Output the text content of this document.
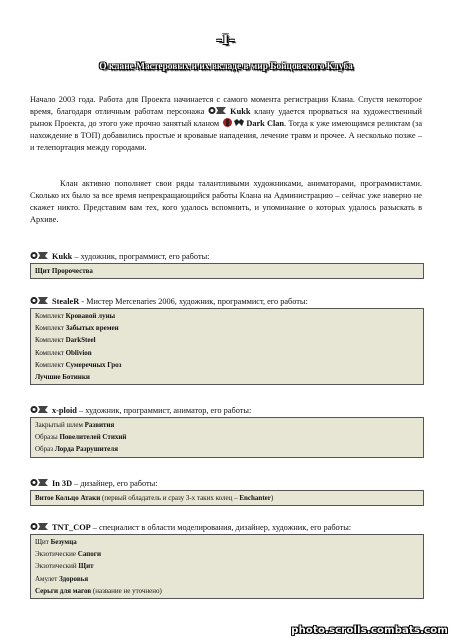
-I-
О клане Мастеровых и их вкладе в мир Бойцовского Клуба

Начало 2003 года. Работа для Проекта начинается с самого момента регистрации Клана. Спустя некоторое время, благодаря отличным работам персонажа	Kukk клану удается прорваться на художественный рынок Проекта, до этого уже прочно занятый кланом	Dark Clan. Тогда к уже имеющимся реликтам (за нахождение в ТОП) добавились простые и кровавые нападения, лечение травм и прочее. А несколько позже – и телепортация между городами.

Клан активно пополняет свои ряды талантливыми художниками, аниматорами, программистами. Сколько их было за все время непрекращающийся работы Клана на Администрацию – сейчас уже наверно не скажет никто. Представим вам тех, кого удалось вспомнить, и упоминание о которых удалось разыскать в Архиве.

Kukk – художник, программист, его работы:
Щит Пророчества
StealeR - Мистер Mercenaries 2006, художник, программист, его работы:
Комплект Кровавой луны
Комплект Забытых времен
Комплект DarkSteel
Комплект Oblivion
Комплект Сумеречных Гроз
Лучшие Ботинки
x-ploid – художник, программист, аниматор, его работы:
Закрытый шлем Развития
Образы Повелителей Стихий
Образ Лорда Разрушителя
In 3D – дизайнер, его работы:
Витое Кольцо Атаки (первый обладатель и сразу 3-х таких колец – Enchanter)
TNT_COP – специалист в области моделирования, дизайнер, художник, его работы:
Щит Безумца
Экзотические Сапоги
Экзотический Щит
Амулет Здоровья
Серьги для магов (название не уточнено)
photo.scrolls.combats.com
